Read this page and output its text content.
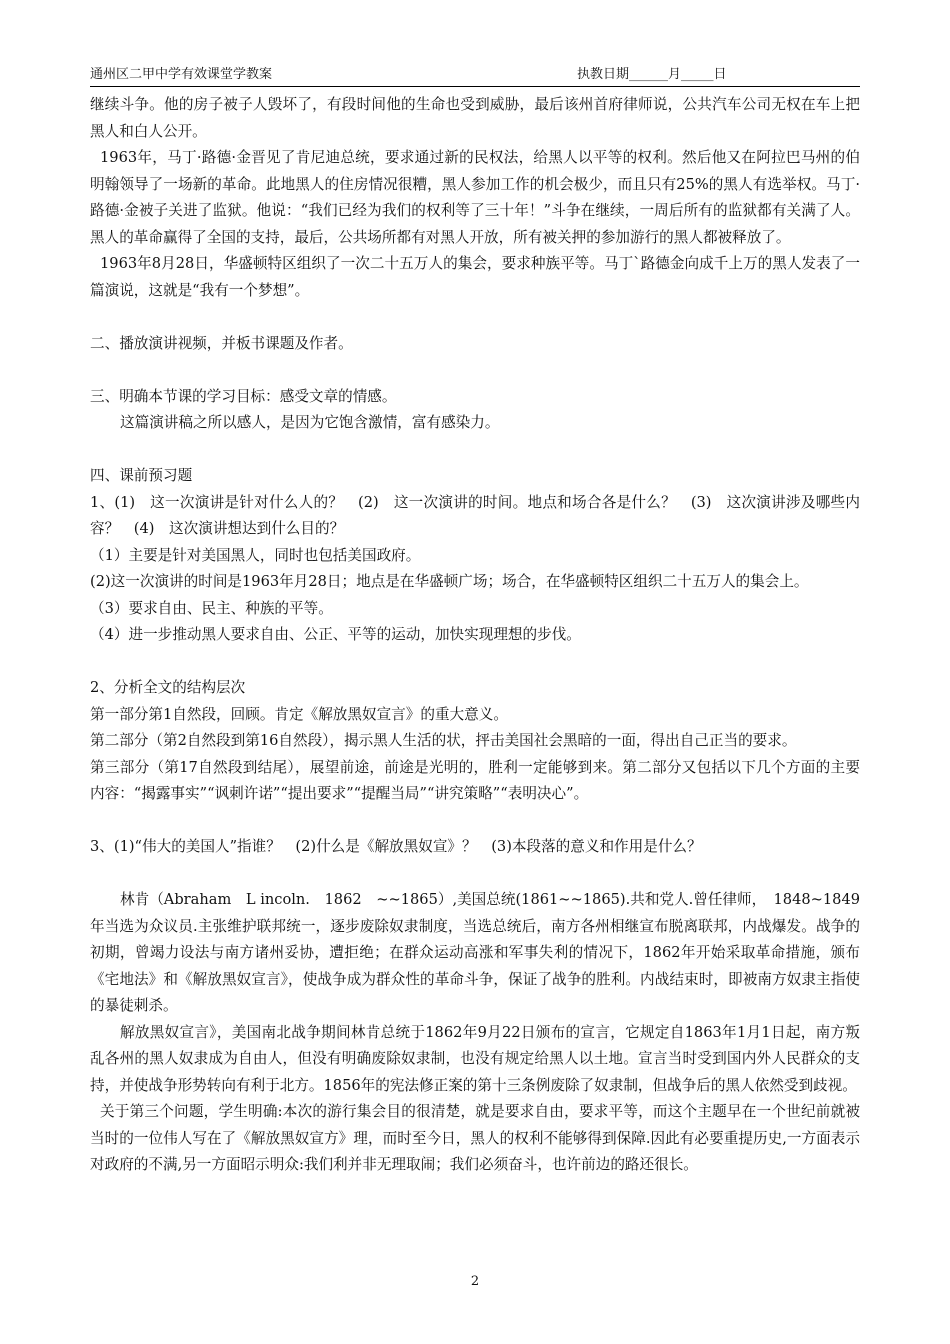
通州区二甲中学有效课堂学教案	执教日期______月_____日

继续斗争。他的房子被子人毁坏了，有段时间他的生命也受到威胁，最后该州首府律师说，公共汽车公司无权在车上把黑人和白人公开。

1963年，马丁·路德·金晋见了肯尼迪总统，要求通过新的民权法，给黑人以平等的权利。然后他又在阿拉巴马州的伯明翰领导了一场新的革命。此地黑人的住房情况很糟，黑人参加工作的机会极少，而且只有25%的黑人有选举权。马丁·路德·金被子关进了监狱。他说：“我们已经为我们的权利等了三十年！”斗争在继续，一周后所有的监狱都有关满了人。黑人的革命赢得了全国的支持，最后，公共场所都有对黑人开放，所有被关押的参加游行的黑人都被释放了。

1963年8月28日，华盛顿特区组织了一次二十五万人的集会，要求种族平等。马丁`路德金向成千上万的黑人发表了一篇演说，这就是“我有一个梦想”。

二、播放演讲视频，并板书课题及作者。

三、明确本节课的学习目标：感受文章的情感。

这篇演讲稿之所以感人，是因为它饱含激情，富有感染力。

四、课前预习题

1、(1)　这一次演讲是针对什么人的？　(2)　这一次演讲的时间。地点和场合各是什么？　(3)　这次演讲涉及哪些内容？　(4)　这次演讲想达到什么目的？

（1）主要是针对美国黑人，同时也包括美国政府。

(2)这一次演讲的时间是1963年月28日；地点是在华盛顿广场；场合，在华盛顿特区组织二十五万人的集会上。

（3）要求自由、民主、种族的平等。

（4）进一步推动黑人要求自由、公正、平等的运动，加快实现理想的步伐。

2、分析全文的结构层次

第一部分第1自然段，回顾。肯定《解放黑奴宣言》的重大意义。

第二部分（第2自然段到第16自然段），揭示黑人生活的状，抨击美国社会黑暗的一面，得出自己正当的要求。

第三部分（第17自然段到结尾），展望前途，前途是光明的，胜利一定能够到来。第二部分又包括以下几个方面的主要内容：“揭露事实”“讽刺许诺”“提出要求”“提醒当局”“讲究策略”“表明决心”。

3、(1)“伟大的美国人”指谁？　(2)什么是《解放黑奴宣》？　(3)本段落的意义和作用是什么？

林肯（Abraham　L incoln.　1862　~~1865）,美国总统(1861~~1865).共和党人.曾任律师，　1848~1849年当选为众议员.主张维护联邦统一，逐步废除奴隶制度，当选总统后，南方各州相继宣布脱离联邦，内战爆发。战争的初期，曾竭力设法与南方诸州妥协，遭拒绝；在群众运动高涨和军事失利的情况下，1862年开始采取革命措施，颁布《宅地法》和《解放黑奴宣言》，使战争成为群众性的革命斗争，保证了战争的胜利。内战结束时，即被南方奴隶主指使的暴徒刺杀。

解放黑奴宣言》，美国南北战争期间林肯总统于1862年9月22日颁布的宣言，它规定自1863年1月1日起，南方叛乱各州的黑人奴隶成为自由人，但没有明确废除奴隶制，也没有规定给黑人以土地。宣言当时受到国内外人民群众的支持，并使战争形势转向有利于北方。1856年的宪法修正案的第十三条例废除了奴隶制，但战争后的黑人依然受到歧视。

关于第三个问题，学生明确:本次的游行集会目的很清楚，就是要求自由，要求平等，而这个主题早在一个世纪前就被当时的一位伟人写在了《解放黑奴宣方》理，而时至今日，黑人的权利不能够得到保障.因此有必要重提历史,一方面表示对政府的不满,另一方面昭示明众:我们利并非无理取闹；我们必须奋斗，也许前边的路还很长。

2
